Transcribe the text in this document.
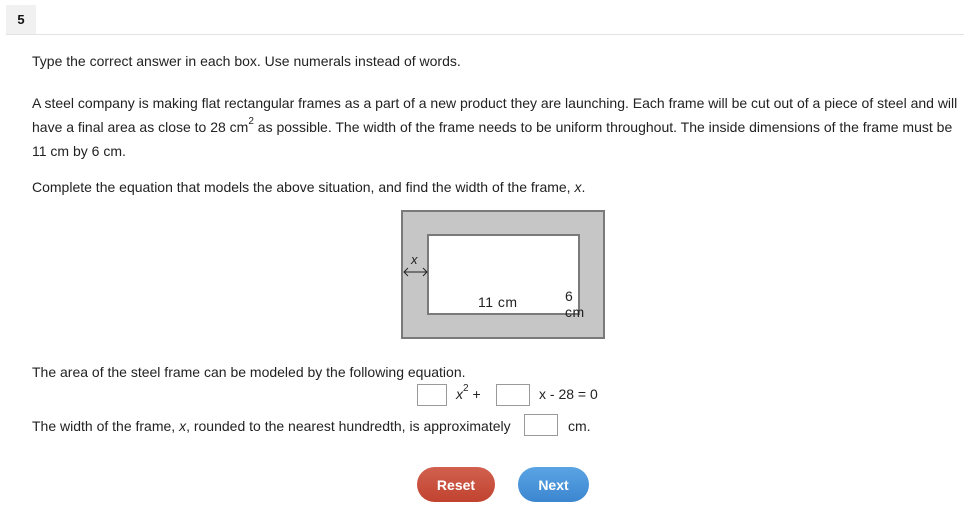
5
Type the correct answer in each box. Use numerals instead of words.
A steel company is making flat rectangular frames as a part of a new product they are launching. Each frame will be cut out of a piece of steel and will have a final area as close to 28 $cm^2$ as possible. The width of the frame needs to be uniform throughout. The inside dimensions of the frame must be 11 cm by 6 cm.
Complete the equation that models the above situation, and find the width of the frame, x.
6 cm
11 cm
x
The area of the steel frame can be modeled by the following equation.
$x^2$ +	x - 28 = 0
The width of the frame, x, rounded to the nearest hundredth, is approximately	cm.
Reset	Next
